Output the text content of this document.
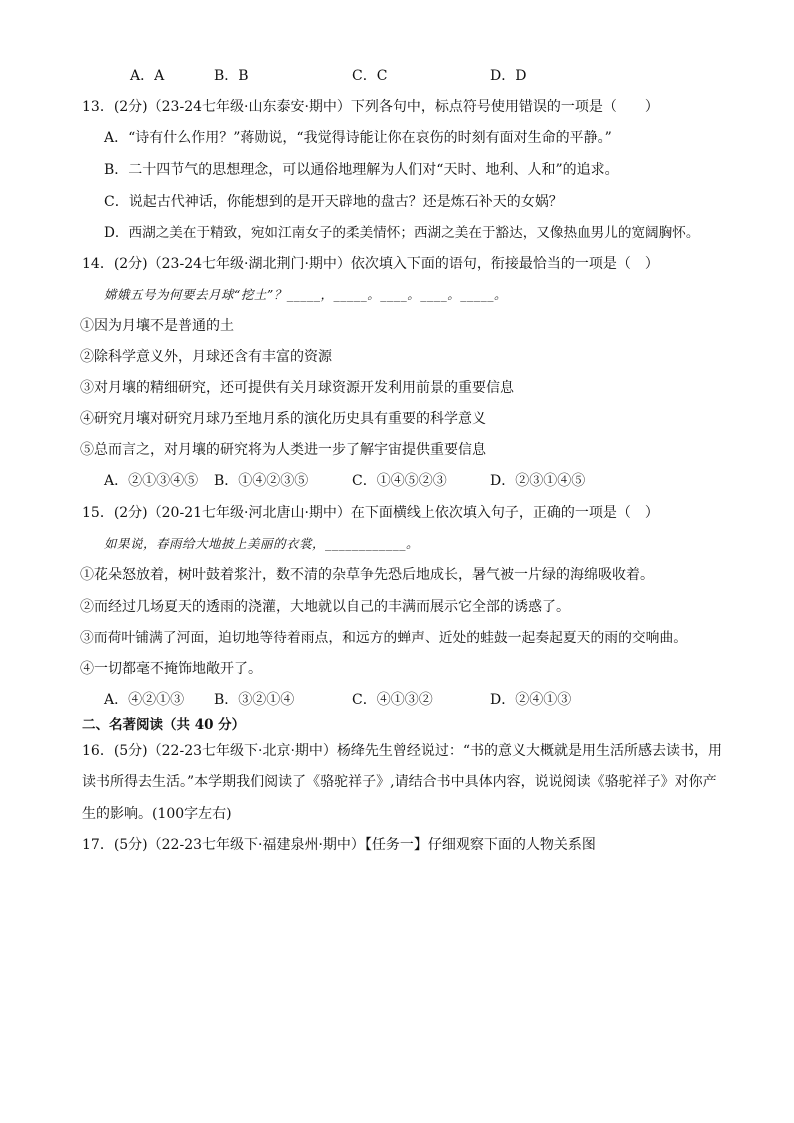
A．A	B．B	C．C	D．D
13．(2分)（23-24七年级·山东泰安·期中）下列各句中，标点符号使用错误的一项是（　　）
A．“诗有什么作用？”蒋勋说，“我觉得诗能让你在哀伤的时刻有面对生命的平静。”
B．二十四节气的思想理念，可以通俗地理解为人们对“天时、地利、人和”的追求。
C．说起古代神话，你能想到的是开天辟地的盘古？还是炼石补天的女娲？
D．西湖之美在于精致，宛如江南女子的柔美情怀；西湖之美在于豁达，又像热血男儿的宽阔胸怀。
14．(2分)（23-24七年级·湖北荆门·期中）依次填入下面的语句，衔接最恰当的一项是（　）
嫦娥五号为何要去月球“挖土”？_____，_____。____。____。_____。
①因为月壤不是普通的土
②除科学意义外，月球还含有丰富的资源
③对月壤的精细研究，还可提供有关月球资源开发利用前景的重要信息
④研究月壤对研究月球乃至地月系的演化历史具有重要的科学意义
⑤总而言之，对月壤的研究将为人类进一步了解宇宙提供重要信息
A．②①③④⑤ B．①④②③⑤	C．①④⑤②③	D．②③①④⑤
15．(2分)（20-21七年级·河北唐山·期中）在下面横线上依次填入句子，正确的一项是（　）
如果说，春雨给大地披上美丽的衣裳，____________。
①花朵怒放着，树叶鼓着浆汁，数不清的杂草争先恐后地成长，暑气被一片绿的海绵吸收着。
②而经过几场夏天的透雨的浇灌，大地就以自己的丰满而展示它全部的诱惑了。
③而荷叶铺满了河面，迫切地等待着雨点，和远方的蝉声、近处的蛙鼓一起奏起夏天的雨的交响曲。
④一切都毫不掩饰地敞开了。
A．④②①③ B．③②①④	C．④①③②	D．②④①③
二、名著阅读（共 40 分）
16．(5分)（22-23七年级下·北京·期中）杨绛先生曾经说过：“书的意义大概就是用生活所感去读书，用
读书所得去生活。”本学期我们阅读了《骆驼祥子》,请结合书中具体内容，说说阅读《骆驼祥子》对你产
生的影响。(100字左右)
17．(5分)（22-23七年级下·福建泉州·期中）【任务一】仔细观察下面的人物关系图
